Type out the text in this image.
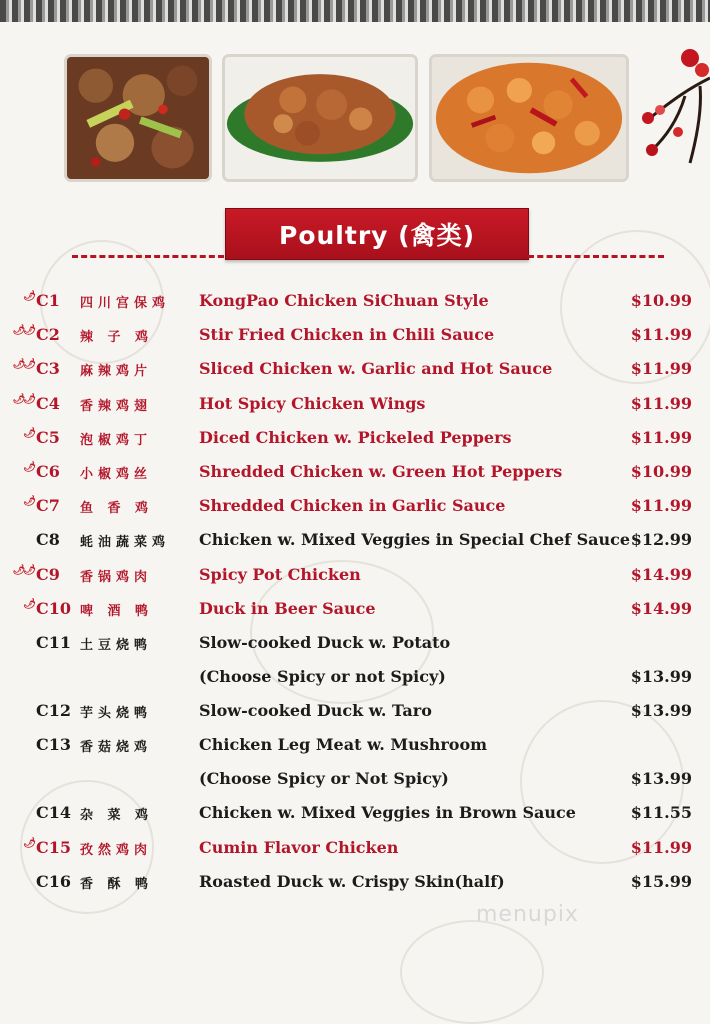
Poultry (禽类)
🌶 C1 四川宫保鸡 KongPao Chicken SiChuan Style	$10.99
🌶🌶 C2 辣 子 鸡	Stir Fried Chicken in Chili Sauce	$11.99
🌶🌶 C3 麻辣鸡片	Sliced Chicken w. Garlic and Hot Sauce	$11.99
🌶🌶 C4 香辣鸡翅	Hot Spicy Chicken Wings	$11.99
🌶 C5 泡椒鸡丁	Diced Chicken w. Pickeled Peppers	$11.99
🌶 C6 小椒鸡丝	Shredded Chicken w. Green Hot Peppers	$10.99
🌶 C7 鱼 香 鸡	Shredded Chicken in Garlic Sauce	$11.99
C8 蚝油蔬菜鸡 Chicken w. Mixed Veggies in Special Chef Sauce $12.99
🌶🌶 C9 香锅鸡肉	Spicy Pot Chicken	$14.99
🌶 C10 啤 酒 鸭	Duck in Beer Sauce	$14.99
C11 土豆烧鸭	Slow-cooked Duck w. Potato
(Choose Spicy or not Spicy)	$13.99
C12 芋头烧鸭	Slow-cooked Duck w. Taro	$13.99
C13 香菇烧鸡	Chicken Leg Meat w. Mushroom
(Choose Spicy or Not Spicy)	$13.99
C14 杂 菜 鸡	Chicken w. Mixed Veggies in Brown Sauce	$11.55
🌶 C15 孜然鸡肉	Cumin Flavor Chicken	$11.99
C16 香 酥 鸭	Roasted Duck w. Crispy Skin(half)	$15.99
menupix
